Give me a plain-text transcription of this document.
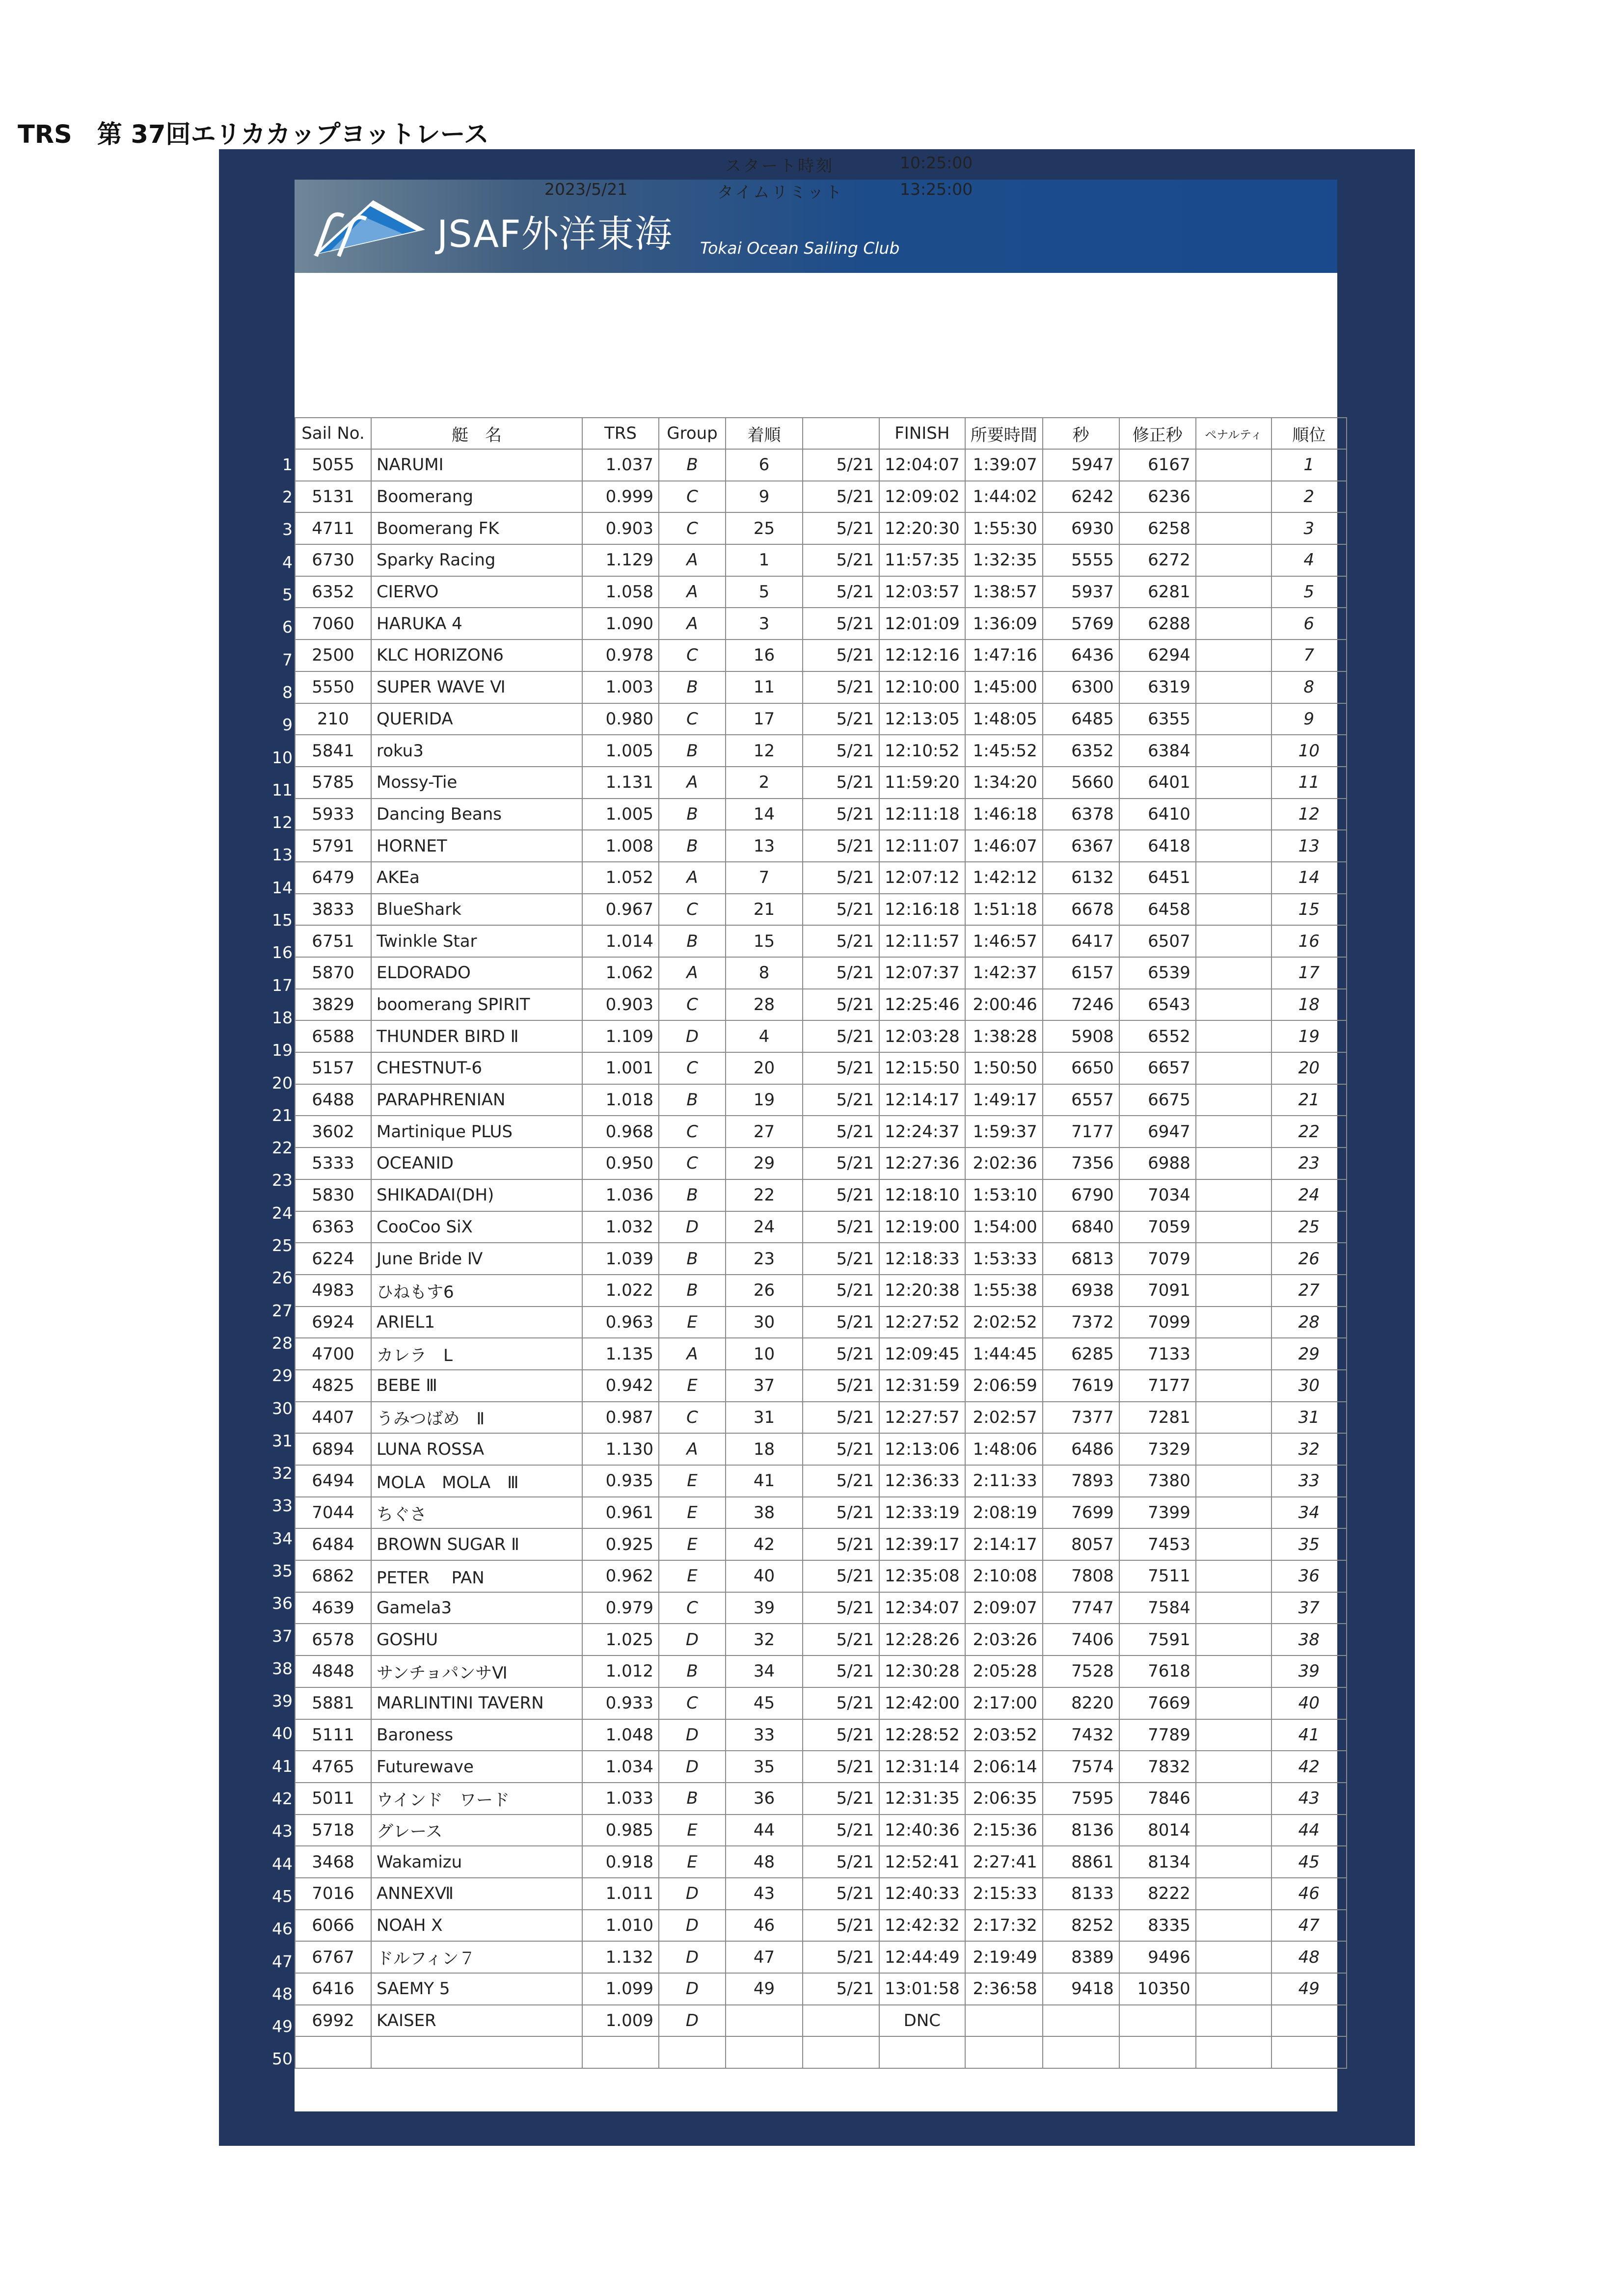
JSAF外洋東海 Tokai Ocean Sailing Club
TRS　第 37回エリカカップヨットレース
スタート時刻	10:25:00
2023/5/21	タイムリミット	13:25:00
1
2
3
4
5
6
7
8
9
10
11
12
13
14
15
16
17
18
19
20
21
22
23
24
25
26
27
28
29
30
31
32
33
34
35
36
37
38
39
40
41
42
43
44
45
46
47
48
49
50
Sail No.	艇　名	TRS	Group	着順		FINISH	所要時間	秒	修正秒	ペナルティ	順位
5055	NARUMI	1.037	B	6	5/21	12:04:07	1:39:07	5947	6167		1
5131	Boomerang	0.999	C	9	5/21	12:09:02	1:44:02	6242	6236		2
4711	Boomerang FK	0.903	C	25	5/21	12:20:30	1:55:30	6930	6258		3
6730	Sparky Racing	1.129	A	1	5/21	11:57:35	1:32:35	5555	6272		4
6352	CIERVO	1.058	A	5	5/21	12:03:57	1:38:57	5937	6281		5
7060	HARUKA 4	1.090	A	3	5/21	12:01:09	1:36:09	5769	6288		6
2500	KLC HORIZON6	0.978	C	16	5/21	12:12:16	1:47:16	6436	6294		7
5550	SUPER WAVE Ⅵ	1.003	B	11	5/21	12:10:00	1:45:00	6300	6319		8
210	QUERIDA	0.980	C	17	5/21	12:13:05	1:48:05	6485	6355		9
5841	roku3	1.005	B	12	5/21	12:10:52	1:45:52	6352	6384		10
5785	Mossy-Tie	1.131	A	2	5/21	11:59:20	1:34:20	5660	6401		11
5933	Dancing Beans	1.005	B	14	5/21	12:11:18	1:46:18	6378	6410		12
5791	HORNET	1.008	B	13	5/21	12:11:07	1:46:07	6367	6418		13
6479	AKEa	1.052	A	7	5/21	12:07:12	1:42:12	6132	6451		14
3833	BlueShark	0.967	C	21	5/21	12:16:18	1:51:18	6678	6458		15
6751	Twinkle Star	1.014	B	15	5/21	12:11:57	1:46:57	6417	6507		16
5870	ELDORADO	1.062	A	8	5/21	12:07:37	1:42:37	6157	6539		17
3829	boomerang SPIRIT	0.903	C	28	5/21	12:25:46	2:00:46	7246	6543		18
6588	THUNDER BIRD Ⅱ	1.109	D	4	5/21	12:03:28	1:38:28	5908	6552		19
5157	CHESTNUT-6	1.001	C	20	5/21	12:15:50	1:50:50	6650	6657		20
6488	PARAPHRENIAN	1.018	B	19	5/21	12:14:17	1:49:17	6557	6675		21
3602	Martinique PLUS	0.968	C	27	5/21	12:24:37	1:59:37	7177	6947		22
5333	OCEANID	0.950	C	29	5/21	12:27:36	2:02:36	7356	6988		23
5830	SHIKADAI(DH)	1.036	B	22	5/21	12:18:10	1:53:10	6790	7034		24
6363	CooCoo SiX	1.032	D	24	5/21	12:19:00	1:54:00	6840	7059		25
6224	June Bride Ⅳ	1.039	B	23	5/21	12:18:33	1:53:33	6813	7079		26
4983	ひねもす6	1.022	B	26	5/21	12:20:38	1:55:38	6938	7091		27
6924	ARIEL1	0.963	E	30	5/21	12:27:52	2:02:52	7372	7099		28
4700	カレラ　L	1.135	A	10	5/21	12:09:45	1:44:45	6285	7133		29
4825	BEBE Ⅲ	0.942	E	37	5/21	12:31:59	2:06:59	7619	7177		30
4407	うみつばめ　Ⅱ	0.987	C	31	5/21	12:27:57	2:02:57	7377	7281		31
6894	LUNA ROSSA	1.130	A	18	5/21	12:13:06	1:48:06	6486	7329		32
6494	MOLA　MOLA　Ⅲ	0.935	E	41	5/21	12:36:33	2:11:33	7893	7380		33
7044	ちぐさ	0.961	E	38	5/21	12:33:19	2:08:19	7699	7399		34
6484	BROWN SUGAR Ⅱ	0.925	E	42	5/21	12:39:17	2:14:17	8057	7453		35
6862	PETER　 PAN	0.962	E	40	5/21	12:35:08	2:10:08	7808	7511		36
4639	Gamela3	0.979	C	39	5/21	12:34:07	2:09:07	7747	7584		37
6578	GOSHU	1.025	D	32	5/21	12:28:26	2:03:26	7406	7591		38
4848	サンチョパンサⅥ	1.012	B	34	5/21	12:30:28	2:05:28	7528	7618		39
5881	MARLINTINI TAVERN	0.933	C	45	5/21	12:42:00	2:17:00	8220	7669		40
5111	Baroness	1.048	D	33	5/21	12:28:52	2:03:52	7432	7789		41
4765	Futurewave	1.034	D	35	5/21	12:31:14	2:06:14	7574	7832		42
5011	ウインド　ワード	1.033	B	36	5/21	12:31:35	2:06:35	7595	7846		43
5718	グレース	0.985	E	44	5/21	12:40:36	2:15:36	8136	8014		44
3468	Wakamizu	0.918	E	48	5/21	12:52:41	2:27:41	8861	8134		45
7016	ANNEXⅦ	1.011	D	43	5/21	12:40:33	2:15:33	8133	8222		46
6066	NOAH X	1.010	D	46	5/21	12:42:32	2:17:32	8252	8335		47
6767	ドルフィン７	1.132	D	47	5/21	12:44:49	2:19:49	8389	9496		48
6416	SAEMY 5	1.099	D	49	5/21	13:01:58	2:36:58	9418	10350		49
6992	KAISER	1.009	D			DNC					
